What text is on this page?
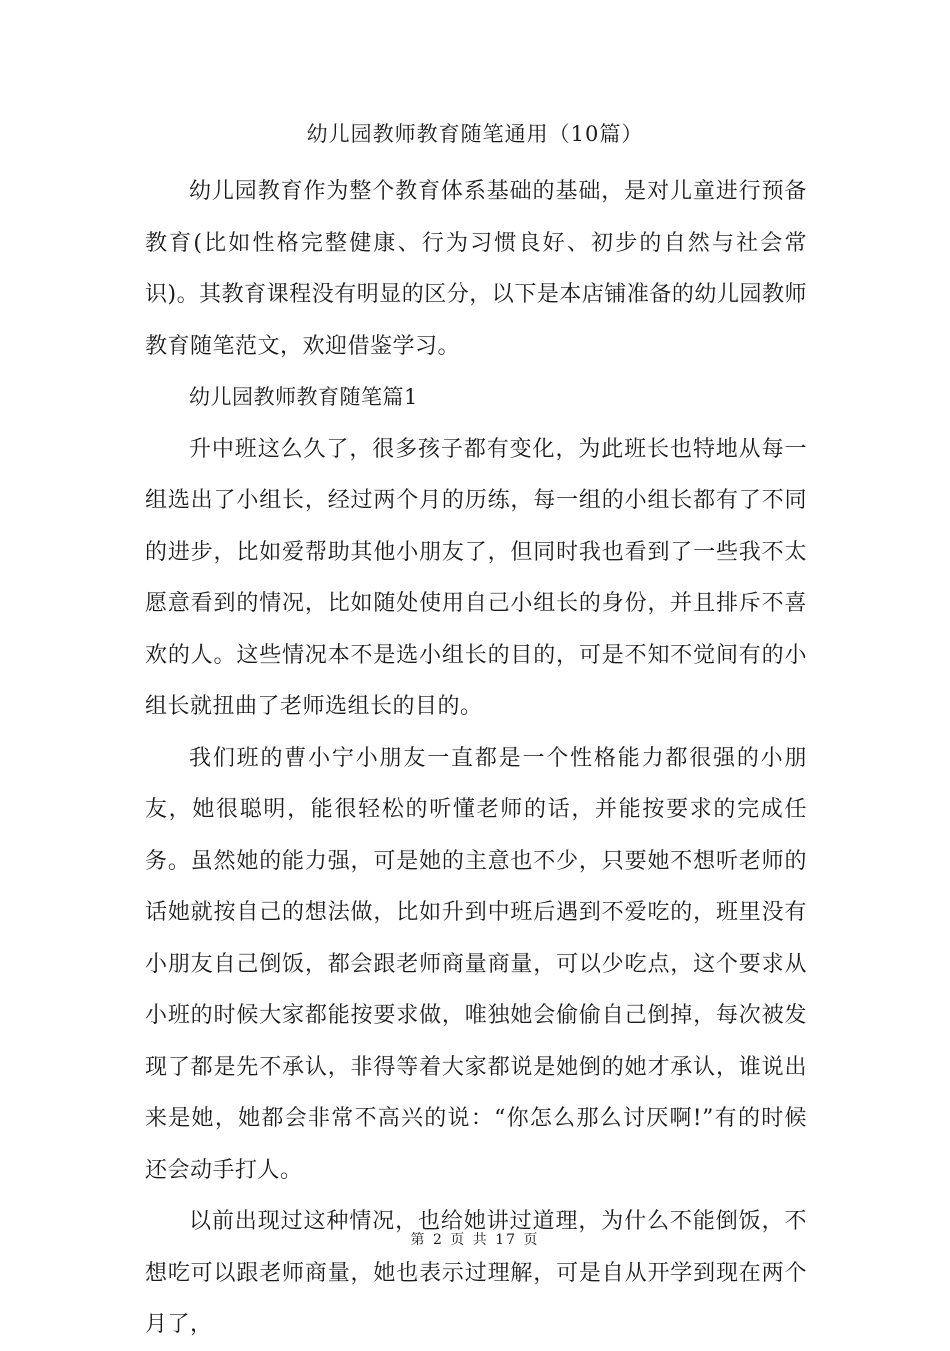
幼儿园教师教育随笔通用（10篇）

幼儿园教育作为整个教育体系基础的基础，是对儿童进行预备教育(比如性格完整健康、行为习惯良好、初步的自然与社会常识)。其教育课程没有明显的区分，以下是本店铺准备的幼儿园教师教育随笔范文，欢迎借鉴学习。

幼儿园教师教育随笔篇1

升中班这么久了，很多孩子都有变化，为此班长也特地从每一组选出了小组长，经过两个月的历练，每一组的小组长都有了不同的进步，比如爱帮助其他小朋友了，但同时我也看到了一些我不太愿意看到的情况，比如随处使用自己小组长的身份，并且排斥不喜欢的人。这些情况本不是选小组长的目的，可是不知不觉间有的小组长就扭曲了老师选组长的目的。

我们班的曹小宁小朋友一直都是一个性格能力都很强的小朋友，她很聪明，能很轻松的听懂老师的话，并能按要求的完成任务。虽然她的能力强，可是她的主意也不少，只要她不想听老师的话她就按自己的想法做，比如升到中班后遇到不爱吃的，班里没有小朋友自己倒饭，都会跟老师商量商量，可以少吃点，这个要求从小班的时候大家都能按要求做，唯独她会偷偷自己倒掉，每次被发现了都是先不承认，非得等着大家都说是她倒的她才承认，谁说出来是她，她都会非常不高兴的说：“你怎么那么讨厌啊!”有的时候还会动手打人。

以前出现过这种情况，也给她讲过道理，为什么不能倒饭，不想吃可以跟老师商量，她也表示过理解，可是自从开学到现在两个月了，

第 2 页 共 17 页
